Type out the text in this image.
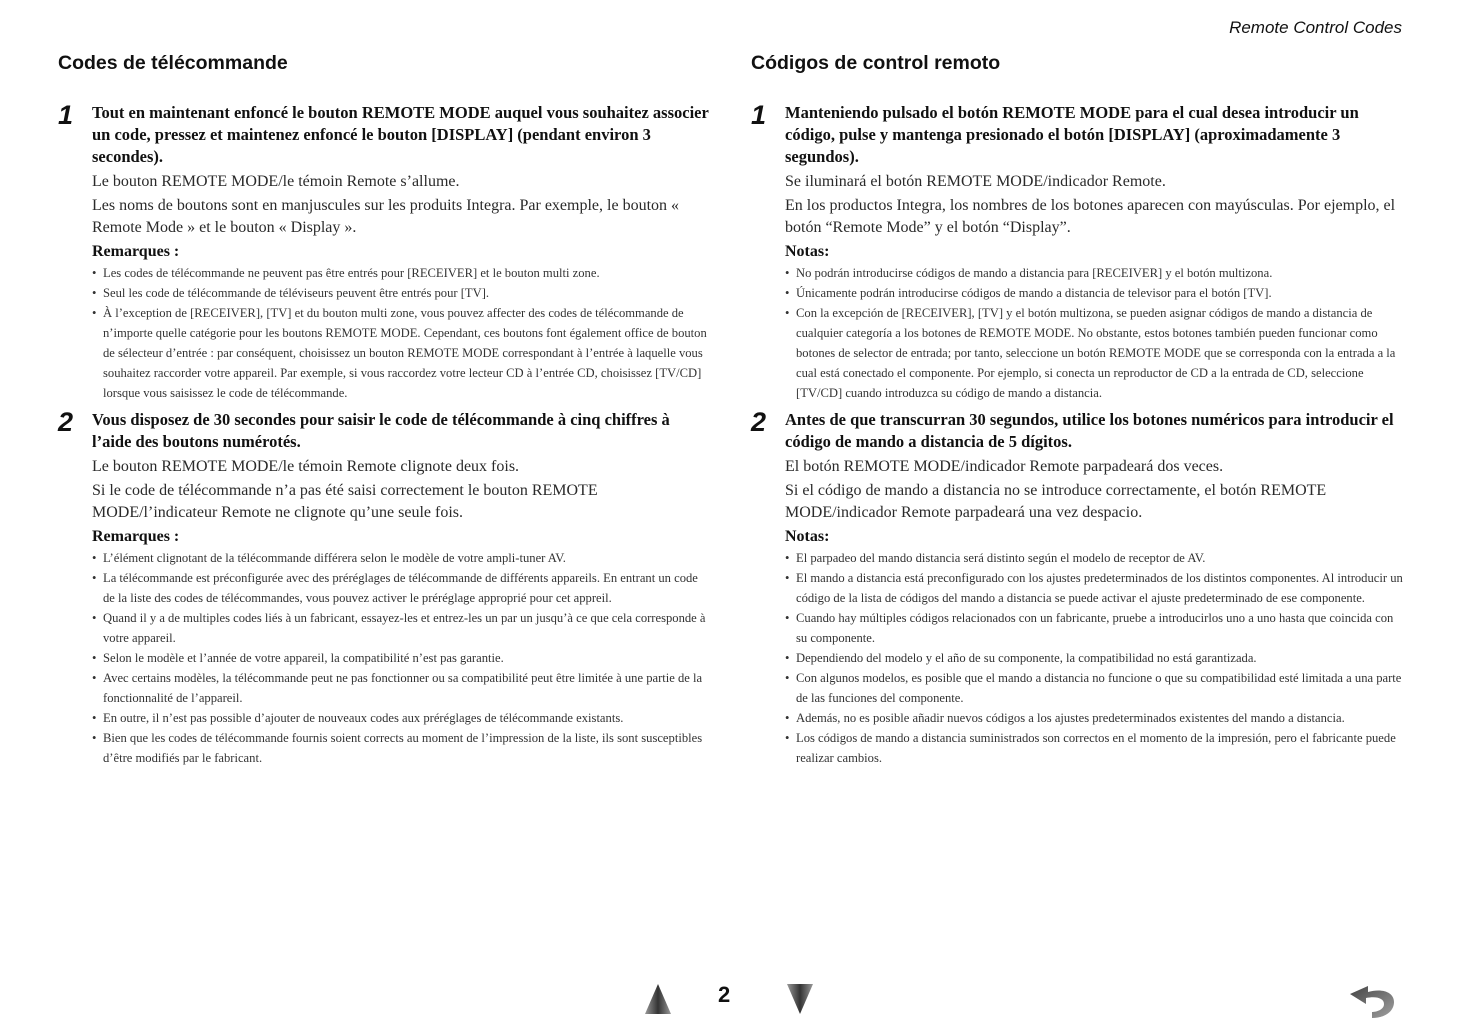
Remote Control Codes
Codes de télécommande
1 Tout en maintenant enfoncé le bouton REMOTE MODE auquel vous souhaitez associer un code, pressez et maintenez enfoncé le bouton [DISPLAY] (pendant environ 3 secondes).

Le bouton REMOTE MODE/le témoin Remote s’allume.

Les noms de boutons sont en manjuscules sur les produits Integra. Par exemple, le bouton « Remote Mode » et le bouton « Display ».

Remarques :
• Les codes de télécommande ne peuvent pas être entrés pour [RECEIVER] et le bouton multi zone.
• Seul les code de télécommande de téléviseurs peuvent être entrés pour [TV].
• À l’exception de [RECEIVER], [TV] et du bouton multi zone, vous pouvez affecter des codes de télécommande de n’importe quelle catégorie pour les boutons REMOTE MODE. Cependant, ces boutons font également office de bouton de sélecteur d’entrée : par conséquent, choisissez un bouton REMOTE MODE correspondant à l’entrée à laquelle vous souhaitez raccorder votre appareil. Par exemple, si vous raccordez votre lecteur CD à l’entrée CD, choisissez [TV/CD] lorsque vous saisissez le code de télécommande.
2 Vous disposez de 30 secondes pour saisir le code de télécommande à cinq chiffres à l’aide des boutons numérotés.

Le bouton REMOTE MODE/le témoin Remote clignote deux fois.

Si le code de télécommande n’a pas été saisi correctement le bouton REMOTE MODE/l’indicateur Remote ne clignote qu’une seule fois.

Remarques :
• L’élément clignotant de la télécommande différera selon le modèle de votre ampli-tuner AV.
• La télécommande est préconfigurée avec des préréglages de télécommande de différents appareils. En entrant un code de la liste des codes de télécommandes, vous pouvez activer le préréglage approprié pour cet appreil.
• Quand il y a de multiples codes liés à un fabricant, essayez-les et entrez-les un par un jusqu’à ce que cela corresponde à votre appareil.
• Selon le modèle et l’année de votre appareil, la compatibilité n’est pas garantie.
• Avec certains modèles, la télécommande peut ne pas fonctionner ou sa compatibilité peut être limitée à une partie de la fonctionnalité de l’appareil.
• En outre, il n’est pas possible d’ajouter de nouveaux codes aux préréglages de télécommande existants.
• Bien que les codes de télécommande fournis soient corrects au moment de l’impression de la liste, ils sont susceptibles d’être modifiés par le fabricant.
Códigos de control remoto
1 Manteniendo pulsado el botón REMOTE MODE para el cual desea introducir un código, pulse y mantenga presionado el botón [DISPLAY] (aproximadamente 3 segundos).

Se iluminará el botón REMOTE MODE/indicador Remote.

En los productos Integra, los nombres de los botones aparecen con mayúsculas. Por ejemplo, el botón “Remote Mode” y el botón “Display”.

Notas:
• No podrán introducirse códigos de mando a distancia para [RECEIVER] y el botón multizona.
• Únicamente podrán introducirse códigos de mando a distancia de televisor para el botón [TV].
• Con la excepción de [RECEIVER], [TV] y el botón multizona, se pueden asignar códigos de mando a distancia de cualquier categoría a los botones de REMOTE MODE. No obstante, estos botones también pueden funcionar como botones de selector de entrada; por tanto, seleccione un botón REMOTE MODE que se corresponda con la entrada a la cual está conectado el componente. Por ejemplo, si conecta un reproductor de CD a la entrada de CD, seleccione [TV/CD] cuando introduzca su código de mando a distancia.
2 Antes de que transcurran 30 segundos, utilice los botones numéricos para introducir el código de mando a distancia de 5 dígitos.

El botón REMOTE MODE/indicador Remote parpadeará dos veces.

Si el código de mando a distancia no se introduce correctamente, el botón REMOTE MODE/indicador Remote parpadeará una vez despacio.

Notas:
• El parpadeo del mando distancia será distinto según el modelo de receptor de AV.
• El mando a distancia está preconfigurado con los ajustes predeterminados de los distintos componentes. Al introducir un código de la lista de códigos del mando a distancia se puede activar el ajuste predeterminado de ese componente.
• Cuando hay múltiples códigos relacionados con un fabricante, pruebe a introducirlos uno a uno hasta que coincida con su componente.
• Dependiendo del modelo y el año de su componente, la compatibilidad no está garantizada.
• Con algunos modelos, es posible que el mando a distancia no funcione o que su compatibilidad esté limitada a una parte de las funciones del componente.
• Además, no es posible añadir nuevos códigos a los ajustes predeterminados existentes del mando a distancia.
• Los códigos de mando a distancia suministrados son correctos en el momento de la impresión, pero el fabricante puede realizar cambios.
2
